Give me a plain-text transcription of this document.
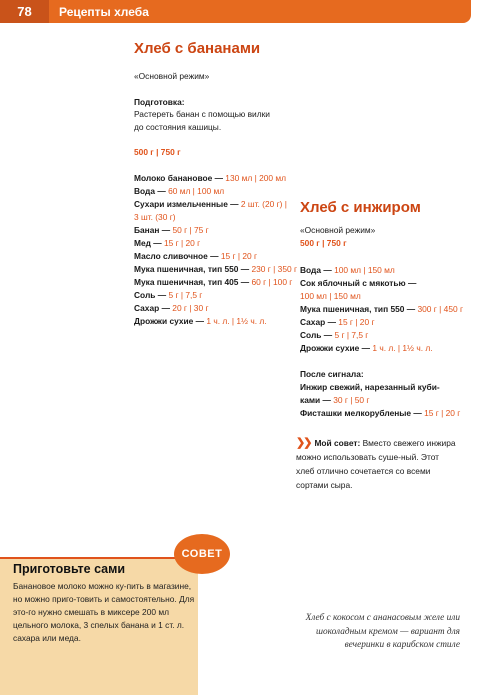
78	Рецепты хлеба
Хлеб с бананами
«Основной режим»
Подготовка:
Растереть банан с помощью вилки
до состояния кашицы.
500 г | 750 г
Молоко банановое — 130 мл | 200 мл
Вода — 60 мл | 100 мл
Сухари измельченные — 2 шт. (20 г) |
3 шт. (30 г)
Банан — 50 г | 75 г
Мед — 15 г | 20 г
Масло сливочное — 15 г | 20 г
Мука пшеничная, тип 550 — 230 г | 350 г
Мука пшеничная, тип 405 — 60 г | 100 г
Соль — 5 г | 7,5 г
Сахар — 20 г | 30 г
Дрожжи сухие — 1 ч. л. | 1½ ч. л.
Хлеб с инжиром
«Основной режим»
500 г | 750 г
Вода — 100 мл | 150 мл
Сок яблочный с мякотью —
100 мл | 150 мл
Мука пшеничная, тип 550 — 300 г | 450 г
Сахар — 15 г | 20 г
Соль — 5 г | 7,5 г
Дрожжи сухие — 1 ч. л. | 1½ ч. л.
После сигнала:
Инжир свежий, нарезанный куби-
ками — 30 г | 50 г
Фисташки мелкорубленые — 15 г | 20 г
❯❯ Мой совет: Вместо свежего инжира можно использовать суше-ный. Этот хлеб отлично сочетается со всеми сортами сыра.
СОВЕТ
Приготовьте сами
Банановое молоко можно ку-пить в магазине, но можно приго-товить и самостоятельно. Для это-го нужно смешать в миксере 200 мл цельного молока, 3 спелых банана и 1 ст. л. сахара или меда.
Хлеб с кокосом с ананасовым желе или шоколадным кремом — вариант для вечеринки в карибском стиле
